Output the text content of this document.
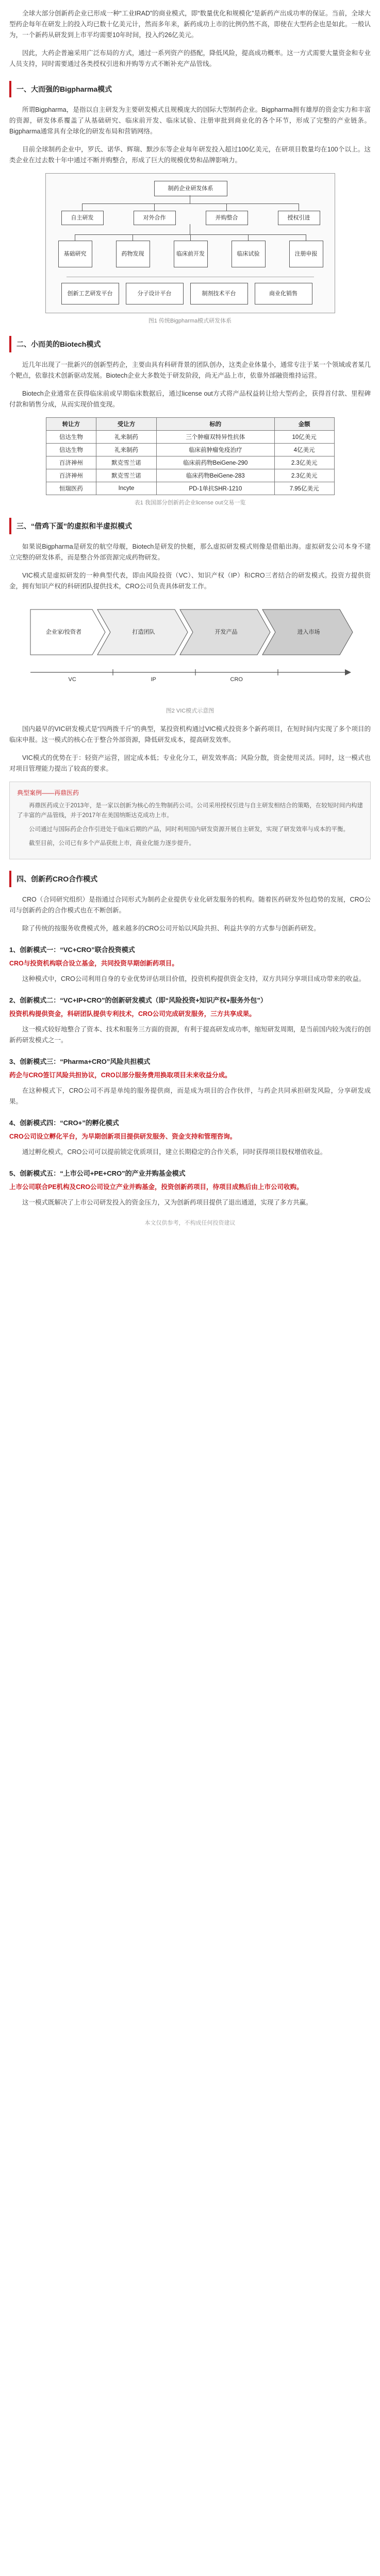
全球大部分创新药企业已形成一种“工业IRAD”的商业模式，即“数量优化和规模化”是新药产出成功率的保证。当前，全球大型药企每年在研发上的投入均已数十亿美元计，然而多年来，新药成功上市的比例仍然不高，即使在大型药企也是如此。一般认为，一个新药从研发到上市平均需要10年时间，投入约26亿美元。

因此，大药企普遍采用广泛布局的方式，通过一系列资产的搭配，降低风险，提高成功概率。这一方式需要大量资金和专业人员支持，同时需要通过各类授权引进和并购等方式不断补充产品管线。

一、大而强的Bigpharma模式

所谓Bigpharma，是指以自主研发为主要研发模式且规模庞大的国际大型制药企业。Bigpharma拥有雄厚的资金实力和丰富的资源，研发体系覆盖了从基础研究、临床前开发、临床试验、注册审批到商业化的各个环节，形成了完整的产业链条。Bigpharma通常具有全球化的研发布局和营销网络。

目前全球制药企业中，罗氏、诺华、辉瑞、默沙东等企业每年研发投入超过100亿美元，在研项目数量均在100个以上。这类企业在过去数十年中通过不断并购整合，形成了巨大的规模优势和品牌影响力。

制药企业研发体系
自主研发	对外合作	并购整合	授权引进
基础研究	药物发现	临床前开发	临床试验	注册申报
创新工艺研发平台	分子设计平台	制剂技术平台	商业化销售
图1 传统Bigpharma模式研发体系
二、小而美的Biotech模式

近几年出现了一批新兴的创新型药企，主要由具有科研背景的团队创办，这类企业体量小，通常专注于某一个领域或者某几个靶点，依靠技术创新驱动发展。Biotech企业大多数处于研发阶段，尚无产品上市，依靠外部融资维持运营。

Biotech企业通常在获得临床前或早期临床数据后，通过license out方式将产品权益转让给大型药企，获得首付款、里程碑付款和销售分成，从而实现价值变现。

转让方	受让方	标的	金额
信达生物	礼来制药	三个肿瘤双特异性抗体	10亿美元
信达生物	礼来制药	临床前肿瘤免疫治疗	4亿美元
百济神州	默克雪兰诺	临床前药物BeiGene-290	2.3亿美元
百济神州	默克雪兰诺	临床药物BeiGene-283	2.3亿美元
恒瑞医药	Incyte	PD-1单抗SHR-1210	7.95亿美元
表1 我国部分创新药企业license out交易一览
三、“借鸡下蛋”的虚拟和半虚拟模式

如果说Bigpharma是研发的航空母舰，Biotech是研发的快艇，那么虚拟研发模式则像是借船出海。虚拟研发公司本身不建立完整的研发体系，而是整合外部资源完成药物研发。

VIC模式是虚拟研发的一种典型代表，即由风险投资（VC）、知识产权（IP）和CRO三者结合的研发模式。投资方提供资金，拥有知识产权的科研团队提供技术，CRO公司负责具体研发工作。

企业家/投资者	打造团队	开发产品	进入市场
VC	IP	CRO
图2 VIC模式示意图

国内最早的VIC研发模式是“四两拨千斤”的典型，某投资机构通过VIC模式投资多个新药项目，在短时间内实现了多个项目的临床申报。这一模式的核心在于整合外部资源，降低研发成本，提高研发效率。

VIC模式的优势在于：轻资产运营，固定成本低；专业化分工，研发效率高；风险分散，资金使用灵活。同时，这一模式也对项目管理能力提出了较高的要求。

典型案例——再鼎医药

再鼎医药成立于2013年，是一家以创新为核心的生物制药公司。公司采用授权引进与自主研发相结合的策略，在较短时间内构建了丰富的产品管线，并于2017年在美国纳斯达克成功上市。

公司通过与国际药企合作引进处于临床后期的产品，同时利用国内研发资源开展自主研发，实现了研发效率与成本的平衡。

截至目前，公司已有多个产品获批上市，商业化能力逐步提升。

四、创新药CRO合作模式

CRO（合同研究组织）是指通过合同形式为制药企业提供专业化研发服务的机构。随着医药研发外包趋势的发展，CRO公司与创新药企的合作模式也在不断创新。

除了传统的按服务收费模式外，越来越多的CRO公司开始以风险共担、利益共享的方式参与创新药研发。

1、创新模式一：“VC+CRO”联合投资模式
CRO与投资机构联合设立基金，共同投资早期创新药项目。

这种模式中，CRO公司利用自身的专业优势评估项目价值，投资机构提供资金支持，双方共同分享项目成功带来的收益。

2、创新模式二：“VC+IP+CRO”的创新研发模式（即“风险投资+知识产权+服务外包”）
投资机构提供资金，科研团队提供专利技术，CRO公司完成研发服务，三方共享成果。

这一模式较好地整合了资本、技术和服务三方面的资源，有利于提高研发成功率，缩短研发周期，是当前国内较为流行的创新药研发模式之一。

3、创新模式三：“Pharma+CRO”风险共担模式
药企与CRO签订风险共担协议，CRO以部分服务费用换取项目未来收益分成。

在这种模式下，CRO公司不再是单纯的服务提供商，而是成为项目的合作伙伴，与药企共同承担研发风险，分享研发成果。

4、创新模式四：“CRO+”的孵化模式
CRO公司设立孵化平台，为早期创新项目提供研发服务、资金支持和管理咨询。

通过孵化模式，CRO公司可以提前锁定优质项目，建立长期稳定的合作关系，同时获得项目股权增值收益。

5、创新模式五：“上市公司+PE+CRO”的产业并购基金模式
上市公司联合PE机构及CRO公司设立产业并购基金，投资创新药项目，待项目成熟后由上市公司收购。

这一模式既解决了上市公司研发投入的资金压力，又为创新药项目提供了退出通道，实现了多方共赢。

本文仅供参考，不构成任何投资建议
